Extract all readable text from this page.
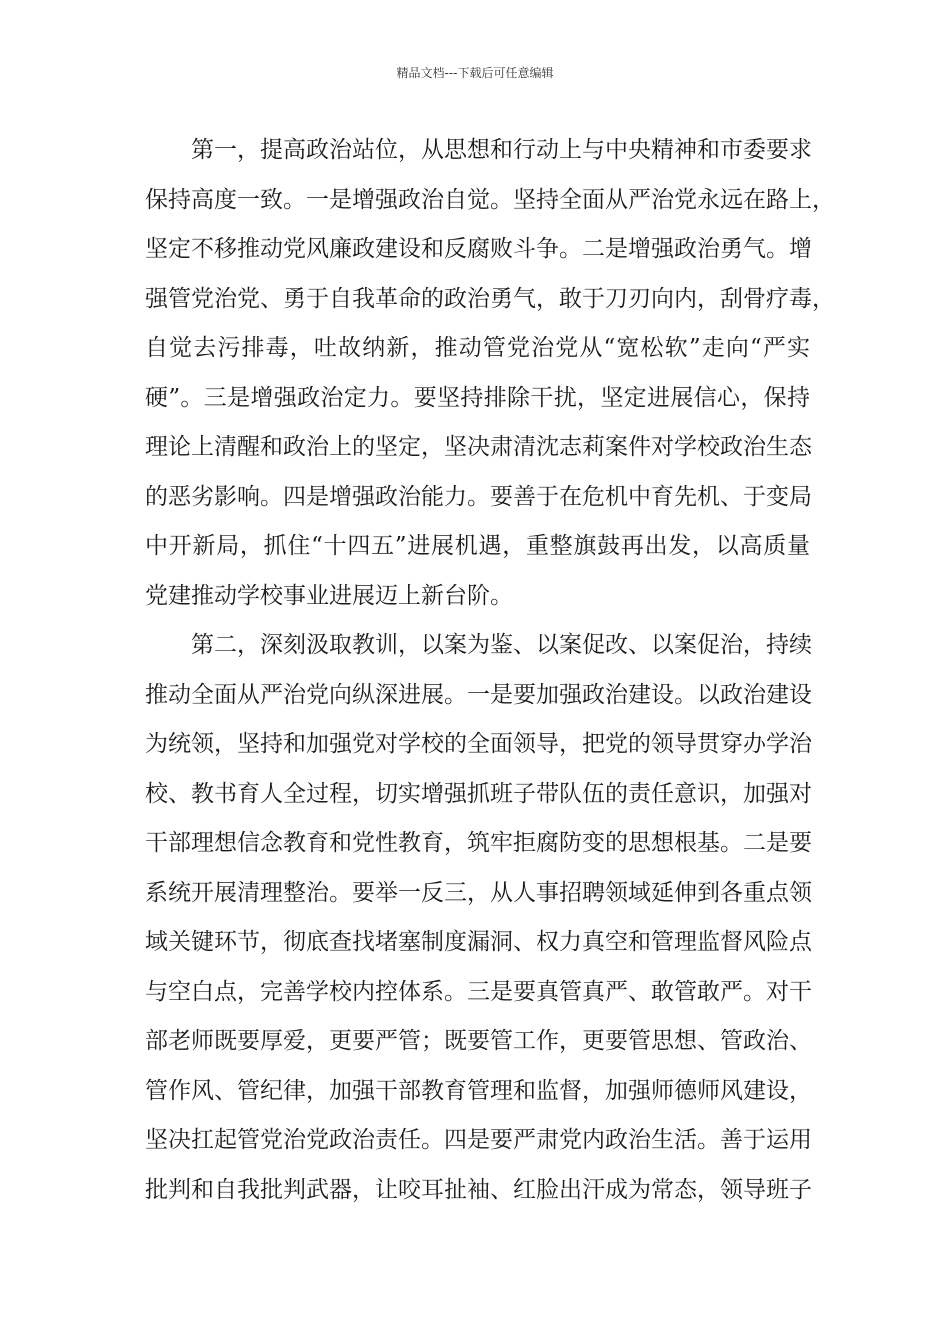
精品文档---下载后可任意编辑
第一，提高政治站位，从思想和行动上与中央精神和市委要求
保持高度一致。一是增强政治自觉。坚持全面从严治党永远在路上，
坚定不移推动党风廉政建设和反腐败斗争。二是增强政治勇气。增
强管党治党、勇于自我革命的政治勇气，敢于刀刃向内，刮骨疗毒，
自觉去污排毒，吐故纳新，推动管党治党从“宽松软”走向“严实
硬”。三是增强政治定力。要坚持排除干扰，坚定进展信心，保持
理论上清醒和政治上的坚定，坚决肃清沈志莉案件对学校政治生态
的恶劣影响。四是增强政治能力。要善于在危机中育先机、于变局
中开新局，抓住“十四五”进展机遇，重整旗鼓再出发，以高质量
党建推动学校事业进展迈上新台阶。
第二，深刻汲取教训，以案为鉴、以案促改、以案促治，持续
推动全面从严治党向纵深进展。一是要加强政治建设。以政治建设
为统领，坚持和加强党对学校的全面领导，把党的领导贯穿办学治
校、教书育人全过程，切实增强抓班子带队伍的责任意识，加强对
干部理想信念教育和党性教育，筑牢拒腐防变的思想根基。二是要
系统开展清理整治。要举一反三，从人事招聘领域延伸到各重点领
域关键环节，彻底查找堵塞制度漏洞、权力真空和管理监督风险点
与空白点，完善学校内控体系。三是要真管真严、敢管敢严。对干
部老师既要厚爱，更要严管；既要管工作，更要管思想、管政治、
管作风、管纪律，加强干部教育管理和监督，加强师德师风建设，
坚决扛起管党治党政治责任。四是要严肃党内政治生活。善于运用
批判和自我批判武器，让咬耳扯袖、红脸出汗成为常态，领导班子
